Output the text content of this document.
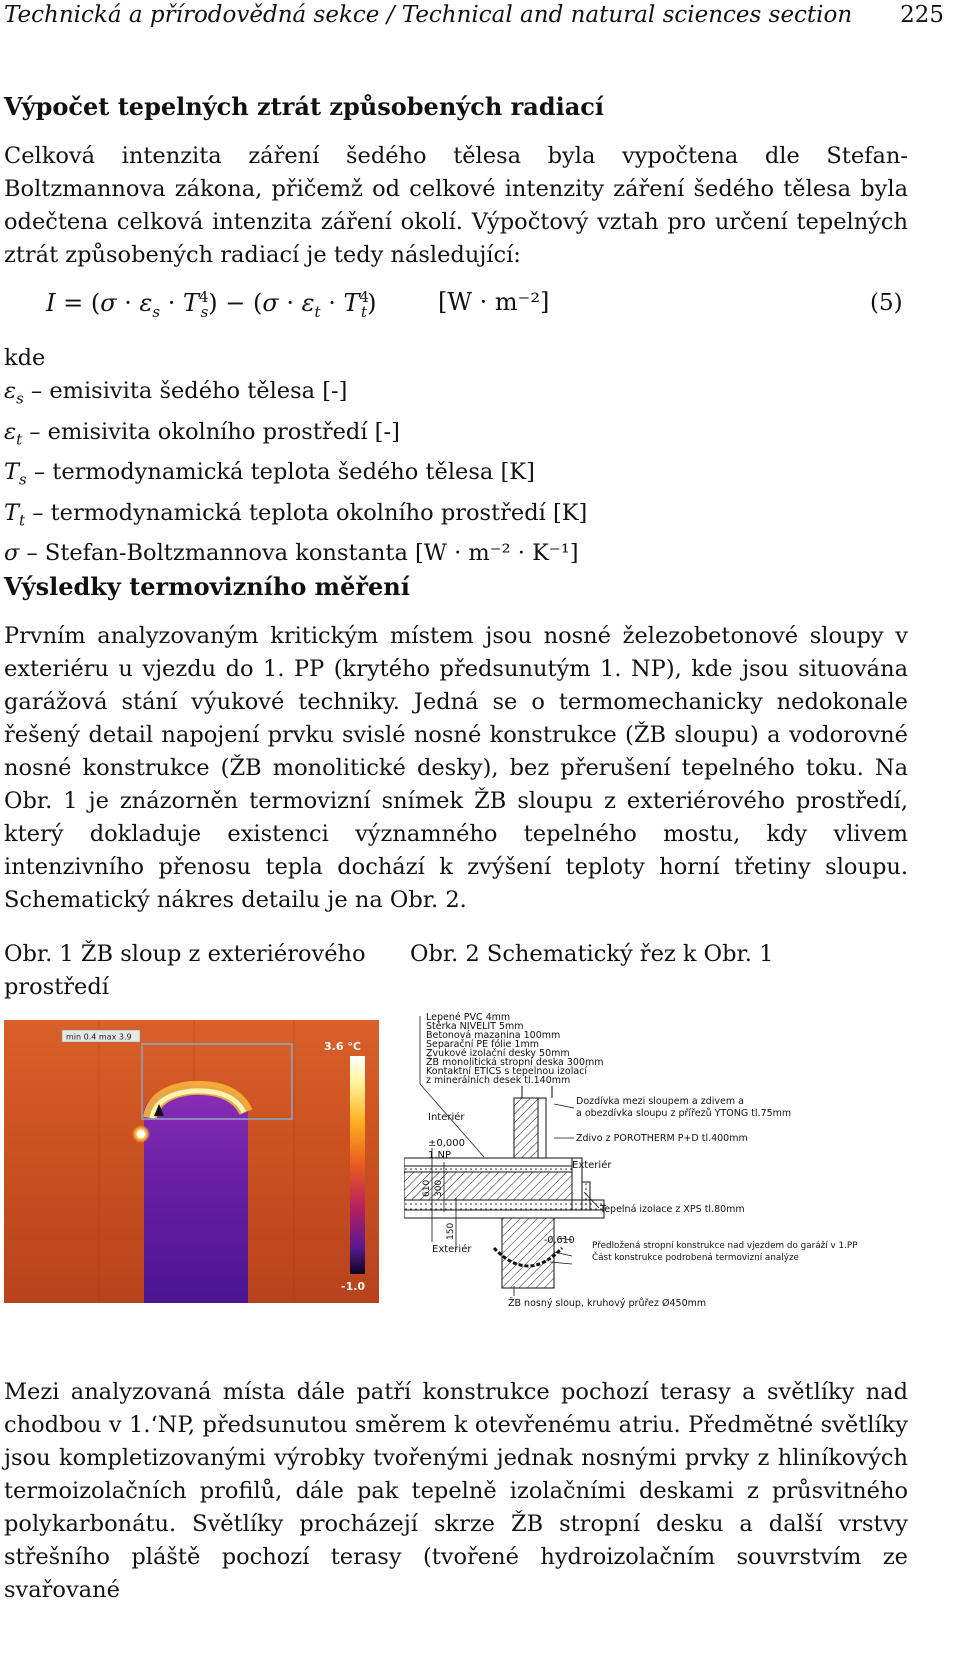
Technická a přírodovědná sekce / Technical and natural sciences section 225
Výpočet tepelných ztrát způsobených radiací

Celková intenzita záření šedého tělesa byla vypočtena dle Stefan-Boltzmannova zákona, přičemž od celkové intenzity záření šedého tělesa byla odečtena celková intenzita záření okolí. Výpočtový vztah pro určení tepelných ztrát způsobených radiací je tedy následující:

$I = (\sigma \cdot \varepsilon_s \cdot T^4_s) - (\sigma \cdot \varepsilon_t \cdot T^4_t)$	[W · m⁻²]	(5)
kde
$\varepsilon_s$ – emisivita šedého tělesa [-]
$\varepsilon_t$ – emisivita okolního prostředí [-]
$T_s$ – termodynamická teplota šedého tělesa [K]
$T_t$ – termodynamická teplota okolního prostředí [K]
σ – Stefan-Boltzmannova konstanta [W · m⁻² · K⁻¹]
Výsledky termovizního měření

Prvním analyzovaným kritickým místem jsou nosné železobetonové sloupy v exteriéru u vjezdu do 1. PP (krytého předsunutým 1. NP), kde jsou situována garážová stání výukové techniky. Jedná se o termomechanicky nedokonale řešený detail napojení prvku svislé nosné konstrukce (ŽB sloupu) a vodorovné nosné konstrukce (ŽB monolitické desky), bez přerušení tepelného toku. Na Obr. 1 je znázorněn termovizní snímek ŽB sloupu z exteriérového prostředí, který dokladuje existenci významného tepelného mostu, kdy vlivem intenzivního přenosu tepla dochází k zvýšení teploty horní třetiny sloupu. Schematický nákres detailu je na Obr. 2.

Obr. 1 ŽB sloup z exteriérového
prostředí
Obr. 2 Schematický řez k Obr. 1
min 0.4 max 3.9
3.6 °C
-1.0
Lepené PVC 4mm
Stěrka NIVELIT 5mm
Betonová mazanina 100mm
Separační PE fólie 1mm
Zvukové izolační desky 50mm
ŽB monolitická stropní deska 300mm
Kontaktní ETICS s tepelnou izolací
z minerálních desek tl.140mm
610 300
150
Interiér
±0,000
1.NP
Exteriér
Exteriér
Dozdívka mezi sloupem a zdivem a
a obezdívka sloupu z přířezů YTONG tl.75mm
Zdivo z POROTHERM P+D tl.400mm
Tepelná izolace z XPS tl.80mm
-0,610 Předložená stropní konstrukce nad vjezdem do garáží v 1.PP
Část konstrukce podrobená termovizní analýze
ŽB nosný sloup, kruhový průřez Ø450mm

Mezi analyzovaná místa dále patří konstrukce pochozí terasy a světlíky nad chodbou v 1.‘NP, předsunutou směrem k otevřenému atriu. Předmětné světlíky jsou kompletizovanými výrobky tvořenými jednak nosnými prvky z hliníkových termoizolačních profilů, dále pak tepelně izolačními deskami z průsvitného polykarbonátu. Světlíky procházejí skrze ŽB stropní desku a další vrstvy střešního pláště pochozí terasy (tvořené hydroizolačním souvrstvím ze svařované
